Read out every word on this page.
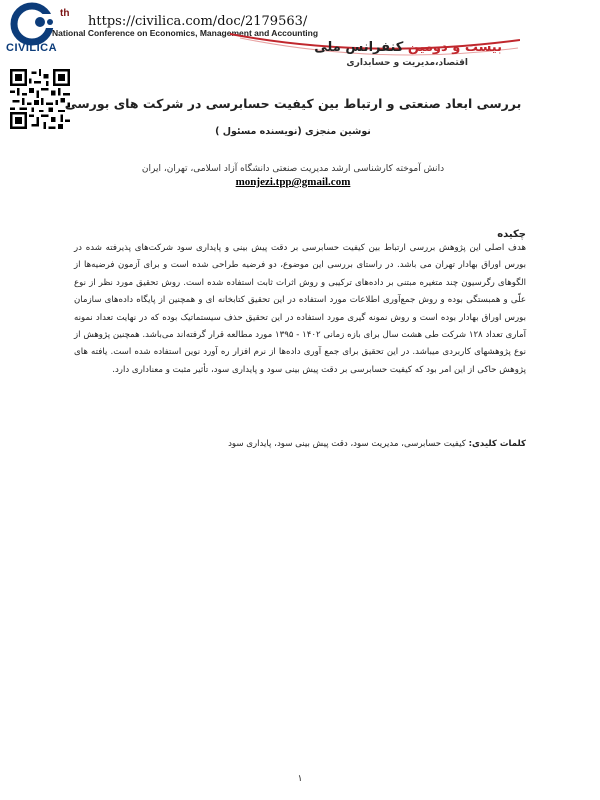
CIVILICA
th
https://civilica.com/doc/2179563/
National Conference on Economics, Management and Accounting
بیست و دومین کنفرانس ملی
اقتصاد،مدیریت و حسابداری
بررسی ابعاد صنعتی و ارتباط بین کیفیت حسابرسی در شرکت های بورسی
نوشین منجزی (نویسنده مسئول )
دانش آموخته کارشناسی ارشد مدیریت صنعتی دانشگاه آزاد اسلامی، تهران، ایران
monjezi.tpp@gmail.com
چکیده
هدف اصلی این پژوهش بررسی ارتباط بین کیفیت حسابرسی بر دقت پیش بینی و پایداری سود شرکت‌های پذیرفته شده در بورس اوراق بهادار تهران می باشد. در راستای بررسی این موضوع، دو فرضیه طراحی شده است و برای آزمون فرضیه‌ها از الگوهای رگرسیون چند متغیره مبتنی بر داده‌های ترکیبی و روش اثرات ثابت استفاده شده است. روش تحقیق مورد نظر از نوع علّی و همبستگی بوده و روش جمع‌آوری اطلاعات مورد استفاده در این تحقیق کتابخانه ای و همچنین از پایگاه داده‌های سازمان بورس اوراق بهادار بوده است و روش نمونه گیری مورد استفاده در این تحقیق حذف سیستماتیک بوده که در نهایت تعداد نمونه آماری تعداد ۱۲۸ شرکت طی هشت سال برای بازه زمانی ۱۴۰۲ - ۱۳۹۵ مورد مطالعه قرار گرفته‌اند می‌باشد. همچنین پژوهش از نوع پژوهشهای کاربردی میباشد. در این تحقیق برای جمع آوری داده‌ها از نرم افزار ره آورد نوین استفاده شده است. یافته های پژوهش حاکی از این امر بود که کیفیت حسابرسی بر دقت پیش بینی سود و پایداری سود، تأثیر مثبت و معناداری دارد.
کلمات کلیدی: کیفیت حسابرسی، مدیریت سود، دقت پیش بینی سود، پایداری سود
۱
